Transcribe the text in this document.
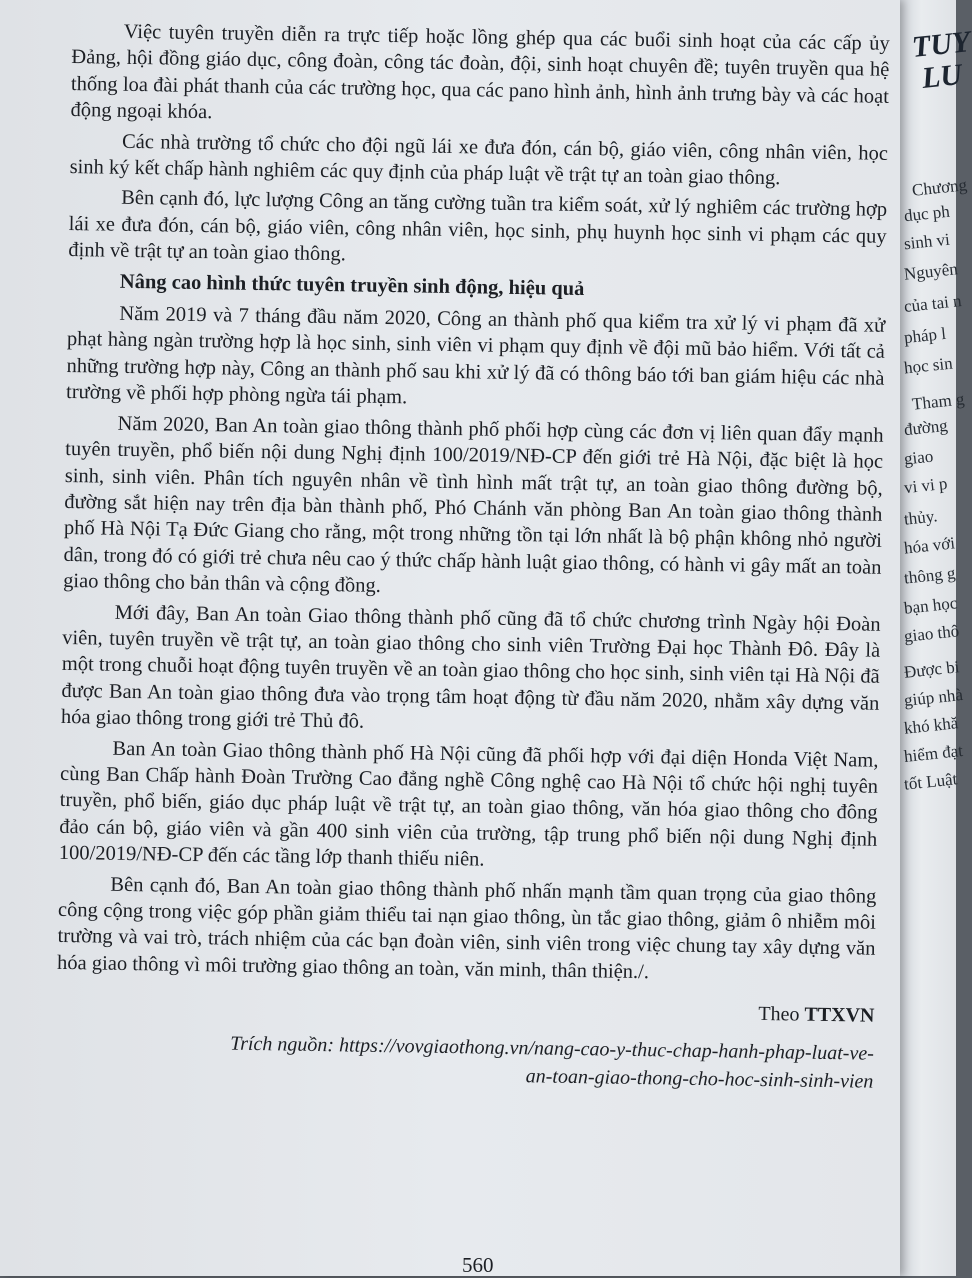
TUY
LU
Chương
dục ph
sinh vi
Nguyên
của tai n
pháp l
học sin
Tham g
đường
giao
vi vi p
thủy.
hóa với
thông g
bạn học
giao thô
Được bi
giúp nhà
khó khă
hiểm đạt
tốt Luật

Việc tuyên truyền diễn ra trực tiếp hoặc lồng ghép qua các buổi sinh hoạt của các cấp ủy Đảng, hội đồng giáo dục, công đoàn, công tác đoàn, đội, sinh hoạt chuyên đề; tuyên truyền qua hệ thống loa đài phát thanh của các trường học, qua các pano hình ảnh, hình ảnh trưng bày và các hoạt động ngoại khóa.

Các nhà trường tổ chức cho đội ngũ lái xe đưa đón, cán bộ, giáo viên, công nhân viên, học sinh ký kết chấp hành nghiêm các quy định của pháp luật về trật tự an toàn giao thông.

Bên cạnh đó, lực lượng Công an tăng cường tuần tra kiểm soát, xử lý nghiêm các trường hợp lái xe đưa đón, cán bộ, giáo viên, công nhân viên, học sinh, phụ huynh học sinh vi phạm các quy định về trật tự an toàn giao thông.

Nâng cao hình thức tuyên truyền sinh động, hiệu quả

Năm 2019 và 7 tháng đầu năm 2020, Công an thành phố qua kiểm tra xử lý vi phạm đã xử phạt hàng ngàn trường hợp là học sinh, sinh viên vi phạm quy định về đội mũ bảo hiểm. Với tất cả những trường hợp này, Công an thành phố sau khi xử lý đã có thông báo tới ban giám hiệu các nhà trường về phối hợp phòng ngừa tái phạm.

Năm 2020, Ban An toàn giao thông thành phố phối hợp cùng các đơn vị liên quan đẩy mạnh tuyên truyền, phổ biến nội dung Nghị định 100/2019/NĐ-CP đến giới trẻ Hà Nội, đặc biệt là học sinh, sinh viên. Phân tích nguyên nhân về tình hình mất trật tự, an toàn giao thông đường bộ, đường sắt hiện nay trên địa bàn thành phố, Phó Chánh văn phòng Ban An toàn giao thông thành phố Hà Nội Tạ Đức Giang cho rằng, một trong những tồn tại lớn nhất là bộ phận không nhỏ người dân, trong đó có giới trẻ chưa nêu cao ý thức chấp hành luật giao thông, có hành vi gây mất an toàn giao thông cho bản thân và cộng đồng.

Mới đây, Ban An toàn Giao thông thành phố cũng đã tổ chức chương trình Ngày hội Đoàn viên, tuyên truyền về trật tự, an toàn giao thông cho sinh viên Trường Đại học Thành Đô. Đây là một trong chuỗi hoạt động tuyên truyền về an toàn giao thông cho học sinh, sinh viên tại Hà Nội đã được Ban An toàn giao thông đưa vào trọng tâm hoạt động từ đầu năm 2020, nhằm xây dựng văn hóa giao thông trong giới trẻ Thủ đô.

Ban An toàn Giao thông thành phố Hà Nội cũng đã phối hợp với đại diện Honda Việt Nam, cùng Ban Chấp hành Đoàn Trường Cao đẳng nghề Công nghệ cao Hà Nội tổ chức hội nghị tuyên truyền, phổ biến, giáo dục pháp luật về trật tự, an toàn giao thông, văn hóa giao thông cho đông đảo cán bộ, giáo viên và gần 400 sinh viên của trường, tập trung phổ biến nội dung Nghị định 100/2019/NĐ-CP đến các tầng lớp thanh thiếu niên.

Bên cạnh đó, Ban An toàn giao thông thành phố nhấn mạnh tầm quan trọng của giao thông công cộng trong việc góp phần giảm thiểu tai nạn giao thông, ùn tắc giao thông, giảm ô nhiễm môi trường và vai trò, trách nhiệm của các bạn đoàn viên, sinh viên trong việc chung tay xây dựng văn hóa giao thông vì môi trường giao thông an toàn, văn minh, thân thiện./.

Theo TTXVN
Trích nguồn: https://vovgiaothong.vn/nang-cao-y-thuc-chap-hanh-phap-luat-ve-
an-toan-giao-thong-cho-hoc-sinh-sinh-vien
560
